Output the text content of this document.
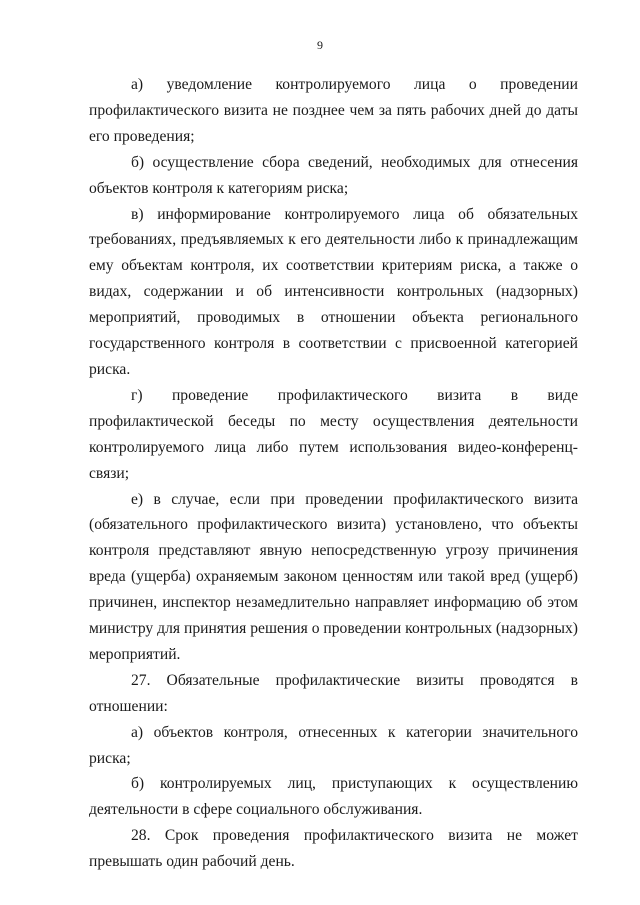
9

а) уведомление контролируемого лица о проведении профилактического визита не позднее чем за пять рабочих дней до даты его проведения;

б) осуществление сбора сведений, необходимых для отнесения объектов контроля к категориям риска;

в) информирование контролируемого лица об обязательных требованиях, предъявляемых к его деятельности либо к принадлежащим ему объектам контроля, их соответствии критериям риска, а также о видах, содержании и об интенсивности контрольных (надзорных) мероприятий, проводимых в отношении объекта регионального государственного контроля в соответствии с присвоенной категорией риска.

г) проведение профилактического визита в виде профилактической беседы по месту осуществления деятельности контролируемого лица либо путем использования видео-конференц-связи;

е) в случае, если при проведении профилактического визита (обязательного профилактического визита) установлено, что объекты контроля представляют явную непосредственную угрозу причинения вреда (ущерба) охраняемым законом ценностям или такой вред (ущерб) причинен, инспектор незамедлительно направляет информацию об этом министру для принятия решения о проведении контрольных (надзорных) мероприятий.

27. Обязательные профилактические визиты проводятся в отношении:

а) объектов контроля, отнесенных к категории значительного риска;

б) контролируемых лиц, приступающих к осуществлению деятельности в сфере социального обслуживания.

28. Срок проведения профилактического визита не может превышать один рабочий день.
